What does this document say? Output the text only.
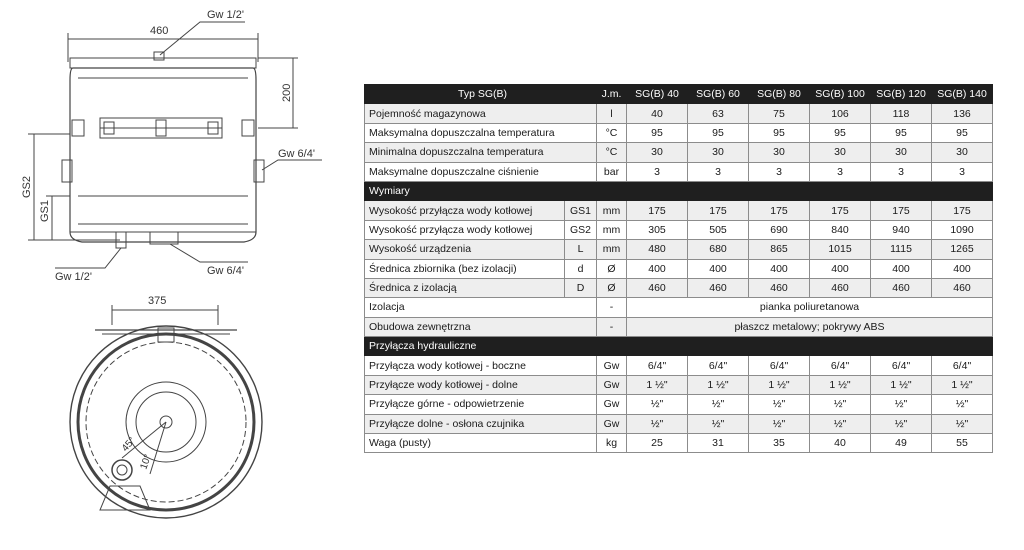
Gw 1/2'
460
200
Gw 6/4'
GS2
GS1
Gw 1/2'	Gw 6/4'
375
45°
10°
Typ SG(B)		J.m.	SG(B) 40	SG(B) 60	SG(B) 80	SG(B) 100	SG(B) 120	SG(B) 140
Pojemność magazynowa		l	40	63	75	106	118	136
Maksymalna dopuszczalna temperatura		°C	95	95	95	95	95	95
Minimalna dopuszczalna temperatura		°C	30	30	30	30	30	30
Maksymalne dopuszczalne ciśnienie		bar	3	3	3	3	3	3
Wymiary								
Wysokość przyłącza wody kotłowej	GS1	mm	175	175	175	175	175	175
Wysokość przyłącza wody kotłowej	GS2	mm	305	505	690	840	940	1090
Wysokość urządzenia	L	mm	480	680	865	1015	1115	1265
Średnica zbiornika (bez izolacji)	d	Ø	400	400	400	400	400	400
Średnica z izolacją	D	Ø	460	460	460	460	460	460
Izolacja		-	pianka poliuretanowa					
Obudowa zewnętrzna		-	płaszcz metalowy; pokrywy ABS					
Przyłącza hydrauliczne								
Przyłącza wody kotłowej - boczne		Gw	6/4"	6/4"	6/4"	6/4"	6/4"	6/4"
Przyłącze wody kotłowej - dolne		Gw	1 ½"	1 ½"	1 ½"	1 ½"	1 ½"	1 ½"
Przyłącze górne - odpowietrzenie		Gw	½"	½"	½"	½"	½"	½"
Przyłącze dolne - osłona czujnika		Gw	½"	½"	½"	½"	½"	½"
Waga (pusty)		kg	25	31	35	40	49	55
